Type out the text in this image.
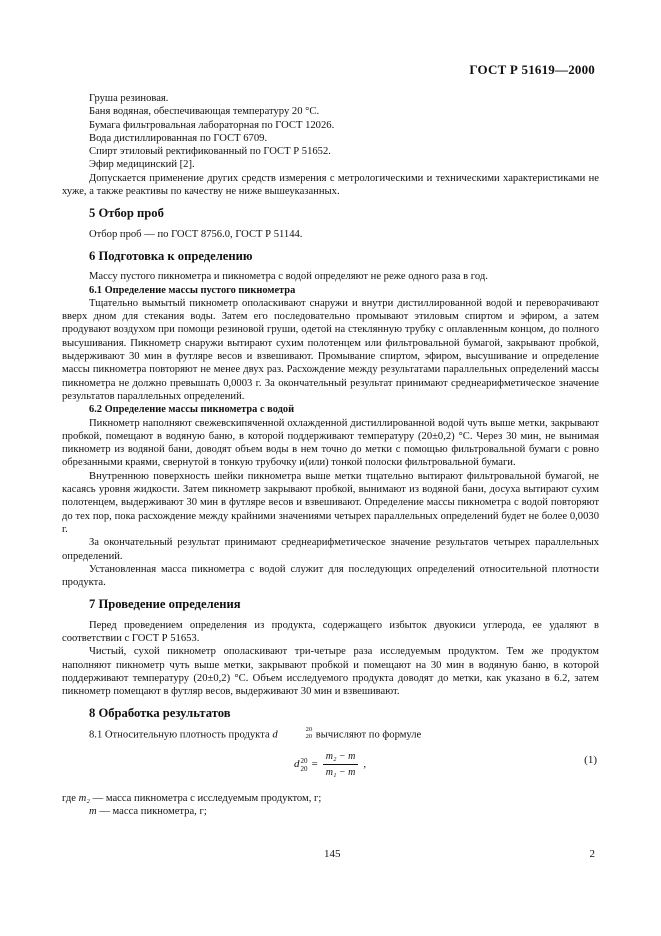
ГОСТ Р 51619—2000

Груша резиновая.

Баня водяная, обеспечивающая температуру 20 °С.

Бумага фильтровальная лабораторная по ГОСТ 12026.

Вода дистиллированная по ГОСТ 6709.

Спирт этиловый ректификованный по ГОСТ Р 51652.

Эфир медицинский [2].

Допускается применение других средств измерения с метрологическими и техническими характеристиками не хуже, а также реактивы по качеству не ниже вышеуказанных.

5 Отбор проб

Отбор проб — по ГОСТ 8756.0, ГОСТ Р 51144.

6 Подготовка к определению

Массу пустого пикнометра и пикнометра с водой определяют не реже одного раза в год.

6.1 Определение массы пустого пикнометра

Тщательно вымытый пикнометр ополаскивают снаружи и внутри дистиллированной водой и переворачивают вверх дном для стекания воды. Затем его последовательно промывают этиловым спиртом и эфиром, а затем продувают воздухом при помощи резиновой груши, одетой на стеклянную трубку с оплавленным концом, до полного высушивания. Пикнометр снаружи вытирают сухим полотенцем или фильтровальной бумагой, закрывают пробкой, выдерживают 30 мин в футляре весов и взвешивают. Промывание спиртом, эфиром, высушивание и определение массы пикнометра повторяют не менее двух раз. Расхождение между результатами параллельных определений массы пикнометра не должно превышать 0,0003 г. За окончательный результат принимают среднеарифметическое значение результатов параллельных определений.

6.2 Определение массы пикнометра с водой

Пикнометр наполняют свежевскипяченной охлажденной дистиллированной водой чуть выше метки, закрывают пробкой, помещают в водяную баню, в которой поддерживают температуру (20±0,2) °С. Через 30 мин, не вынимая пикнометр из водяной бани, доводят объем воды в нем точно до метки с помощью фильтровальной бумаги с ровно обрезанными краями, свернутой в тонкую трубочку и(или) тонкой полоски фильтровальной бумаги.

Внутреннюю поверхность шейки пикнометра выше метки тщательно вытирают фильтровальной бумагой, не касаясь уровня жидкости. Затем пикнометр закрывают пробкой, вынимают из водяной бани, досуха вытирают сухим полотенцем, выдерживают 30 мин в футляре весов и взвешивают. Определение массы пикнометра с водой повторяют до тех пор, пока расхождение между крайними значениями четырех параллельных определений будет не более 0,0030 г.

За окончательный результат принимают среднеарифметическое значение результатов четырех параллельных определений.

Установленная масса пикнометра с водой служит для последующих определений относительной плотности продукта.

7 Проведение определения

Перед проведением определения из продукта, содержащего избыток двуокиси углерода, ее удаляют в соответствии с ГОСТ Р 51653.

Чистый, сухой пикнометр ополаскивают три-четыре раза исследуемым продуктом. Тем же продуктом наполняют пикнометр чуть выше метки, закрывают пробкой и помещают на 30 мин в водяную баню, в которой поддерживают температуру (20±0,2) °С. Объем исследуемого продукта доводят до метки, как указано в 6.2, затем пикнометр помещают в футляр весов, выдерживают 30 мин и взвешивают.

8 Обработка результатов

8.1 Относительную плотность продукта d	20
20 вычисляют по формуле

d 20
$20 = \frac{\text{m₂ − m}}{\text{m₁ − m}}$ ,	(1)

где m₂ — масса пикнометра с исследуемым продуктом, г;

m — масса пикнометра, г;

145	2
